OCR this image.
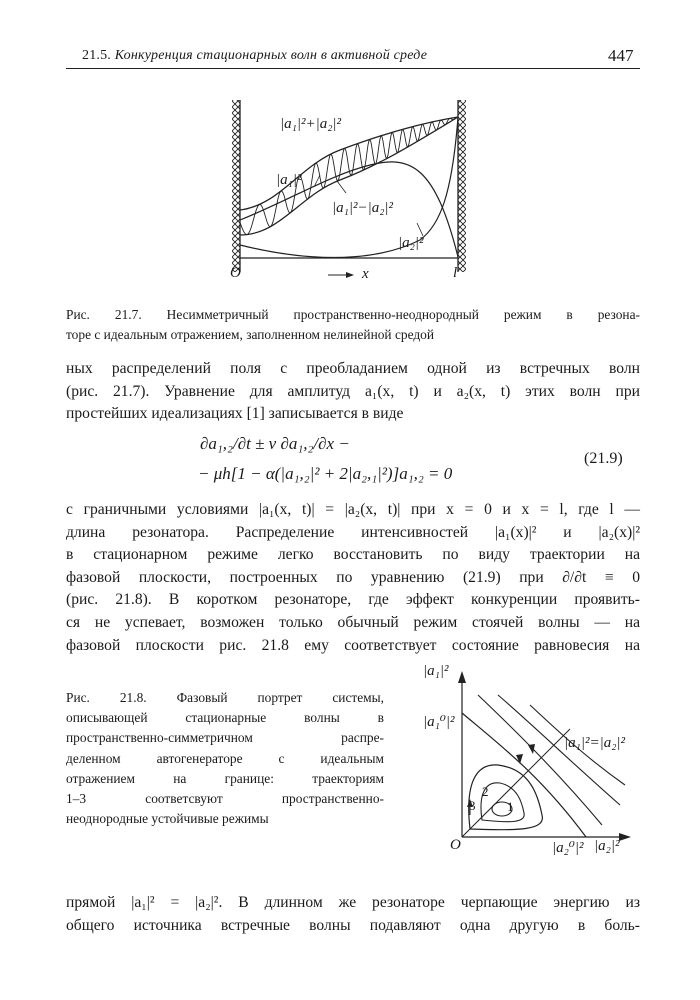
21.5. Конкуренция стационарных волн в активной среде	447
|a₁|²+|a₂|²
|a₁|²
|a₁|²−|a₂|²
|a₂|²
O	x	l
Рис. 21.7. Несимметричный пространственно-неоднородный режим в резона-
торе с идеальным отражением, заполненном нелинейной средой
ных распределений поля с преобладанием одной из встречных волн
(рис. 21.7). Уравнение для амплитуд a₁(x, t) и a₂(x, t) этих волн при
простейших идеализациях [1] записывается в виде
∂a₁,₂/∂t ± v ∂a₁,₂/∂x −
− μh[1 − α(|a₁,₂|² + 2|a₂,₁|²)]a₁,₂ = 0
(21.9)
с граничными условиями |a₁(x, t)| = |a₂(x, t)| при x = 0 и x = l, где l —
длина резонатора. Распределение интенсивностей |a₁(x)|² и |a₂(x)|²
в стационарном режиме легко восстановить по виду траектории на
фазовой плоскости, построенных по уравнению (21.9) при ∂/∂t ≡ 0
(рис. 21.8). В коротком резонаторе, где эффект конкуренции проявить-
ся не успевает, возможен только обычный режим стоячей волны — на
фазовой плоскости рис. 21.8 ему соответствует состояние равновесия на
|a₁|²
|a₁⁰|²
|a₁|²=|a₂|²
O	|a₂⁰|² |a₂|²
1
2
3
Рис. 21.8. Фазовый портрет системы,
описывающей стационарные волны в
пространственно-симметричном распре-
деленном автогенераторе с идеальным
отражением на границе: траекториям
1–3 соответсвуют пространственно-
неоднородные устойчивые режимы
прямой |a₁|² = |a₂|². В длинном же резонаторе черпающие энергию из
общего источника встречные волны подавляют одна другую в боль-
